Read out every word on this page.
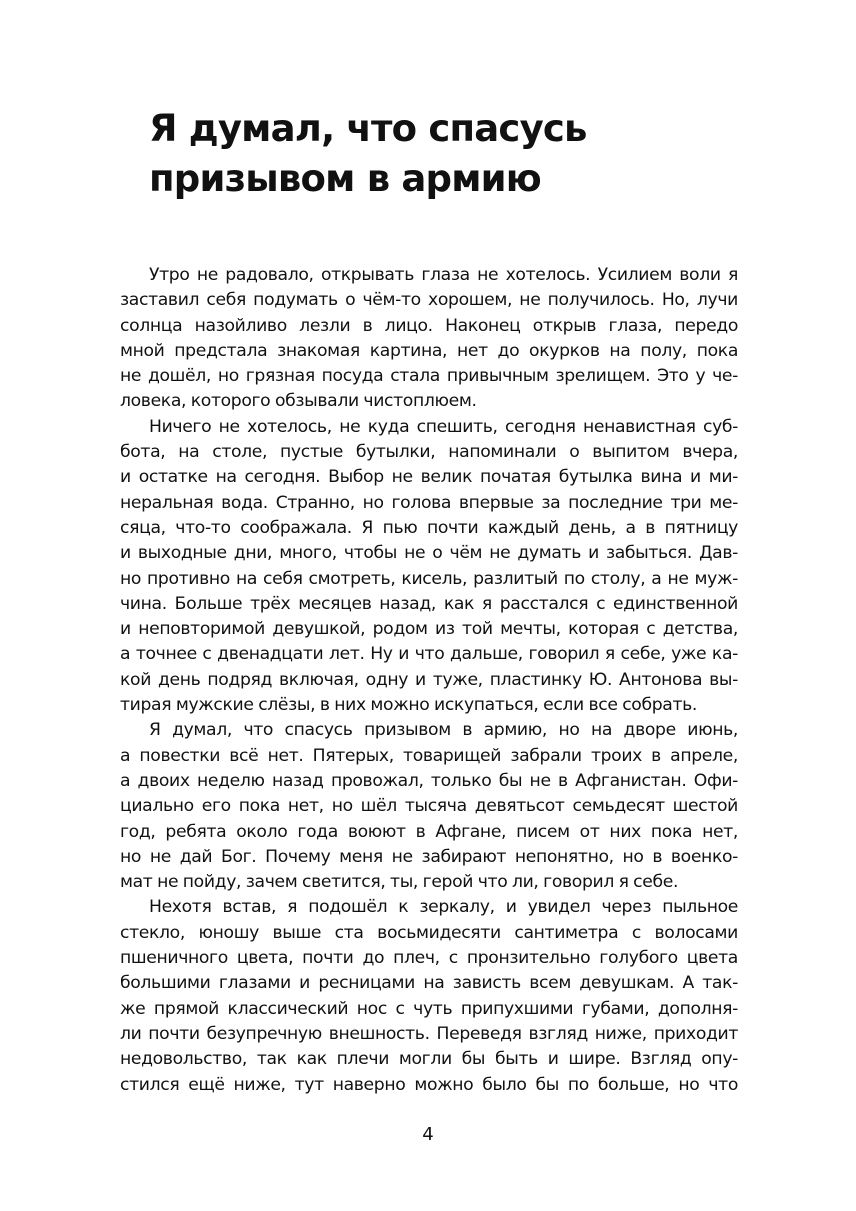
Я думал, что спасусь
призывом в армию
Утро не радовало, открывать глаза не хотелось. Усилием воли я
заставил себя подумать о чём-то хорошем, не получилось. Но, лучи
солнца назойливо лезли в лицо. Наконец открыв глаза, передо
мной предстала знакомая картина, нет до окурков на полу, пока
не дошёл, но грязная посуда стала привычным зрелищем. Это у че-
ловека, которого обзывали чистоплюем.
Ничего не хотелось, не куда спешить, сегодня ненавистная суб-
бота, на столе, пустые бутылки, напоминали о выпитом вчера,
и остатке на сегодня. Выбор не велик початая бутылка вина и ми-
неральная вода. Странно, но голова впервые за последние три ме-
сяца, что-то соображала. Я пью почти каждый день, а в пятницу
и выходные дни, много, чтобы не о чём не думать и забыться. Дав-
но противно на себя смотреть, кисель, разлитый по столу, а не муж-
чина. Больше трёх месяцев назад, как я расстался с единственной
и неповторимой девушкой, родом из той мечты, которая с детства,
а точнее с двенадцати лет. Ну и что дальше, говорил я себе, уже ка-
кой день подряд включая, одну и туже, пластинку Ю. Антонова вы-
тирая мужские слёзы, в них можно искупаться, если все собрать.
Я думал, что спасусь призывом в армию, но на дворе июнь,
а повестки всё нет. Пятерых, товарищей забрали троих в апреле,
а двоих неделю назад провожал, только бы не в Афганистан. Офи-
циально его пока нет, но шёл тысяча девятьсот семьдесят шестой
год, ребята около года воюют в Афгане, писем от них пока нет,
но не дай Бог. Почему меня не забирают непонятно, но в военко-
мат не пойду, зачем светится, ты, герой что ли, говорил я себе.
Нехотя встав, я подошёл к зеркалу, и увидел через пыльное
стекло, юношу выше ста восьмидесяти сантиметра с волосами
пшеничного цвета, почти до плеч, с пронзительно голубого цвета
большими глазами и ресницами на зависть всем девушкам. А так-
же прямой классический нос с чуть припухшими губами, дополня-
ли почти безупречную внешность. Переведя взгляд ниже, приходит
недовольство, так как плечи могли бы быть и шире. Взгляд опу-
стился ещё ниже, тут наверно можно было бы по больше, но что
4
